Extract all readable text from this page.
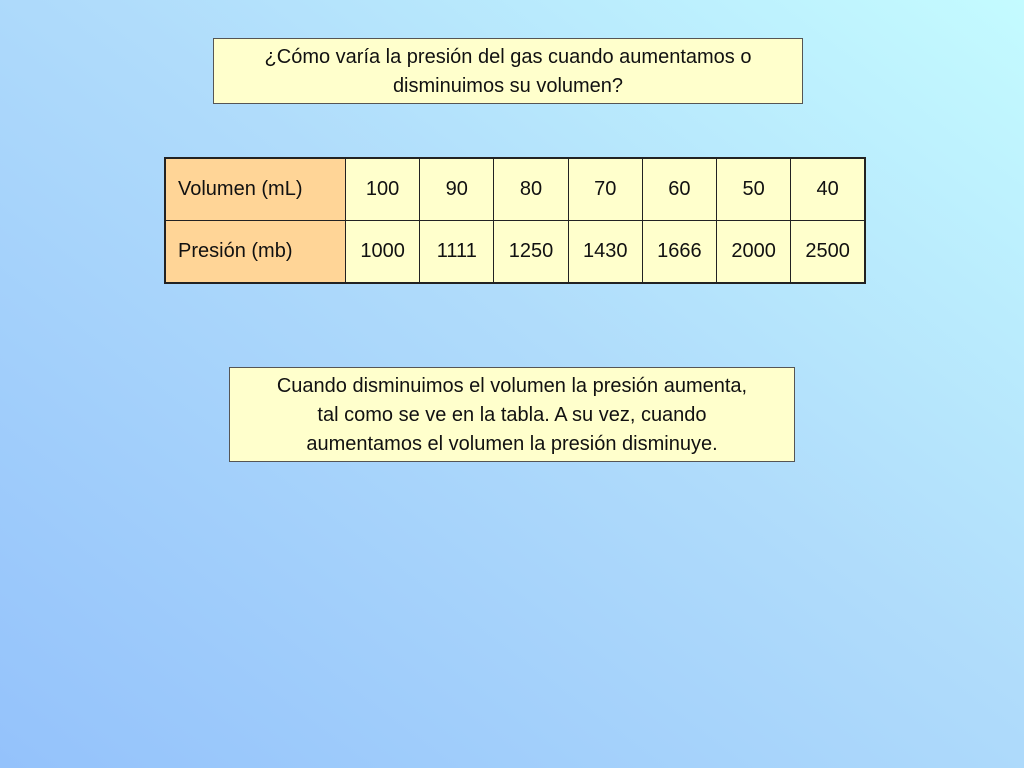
¿Cómo varía la presión del gas cuando aumentamos o
disminuimos su volumen?
Volumen (mL)	100	90	80	70	60	50	40
Presión (mb)	1000	1111	1250	1430	1666	2000	2500
Cuando disminuimos el volumen la presión aumenta,
tal como se ve en la tabla. A su vez, cuando
aumentamos el volumen la presión disminuye.
